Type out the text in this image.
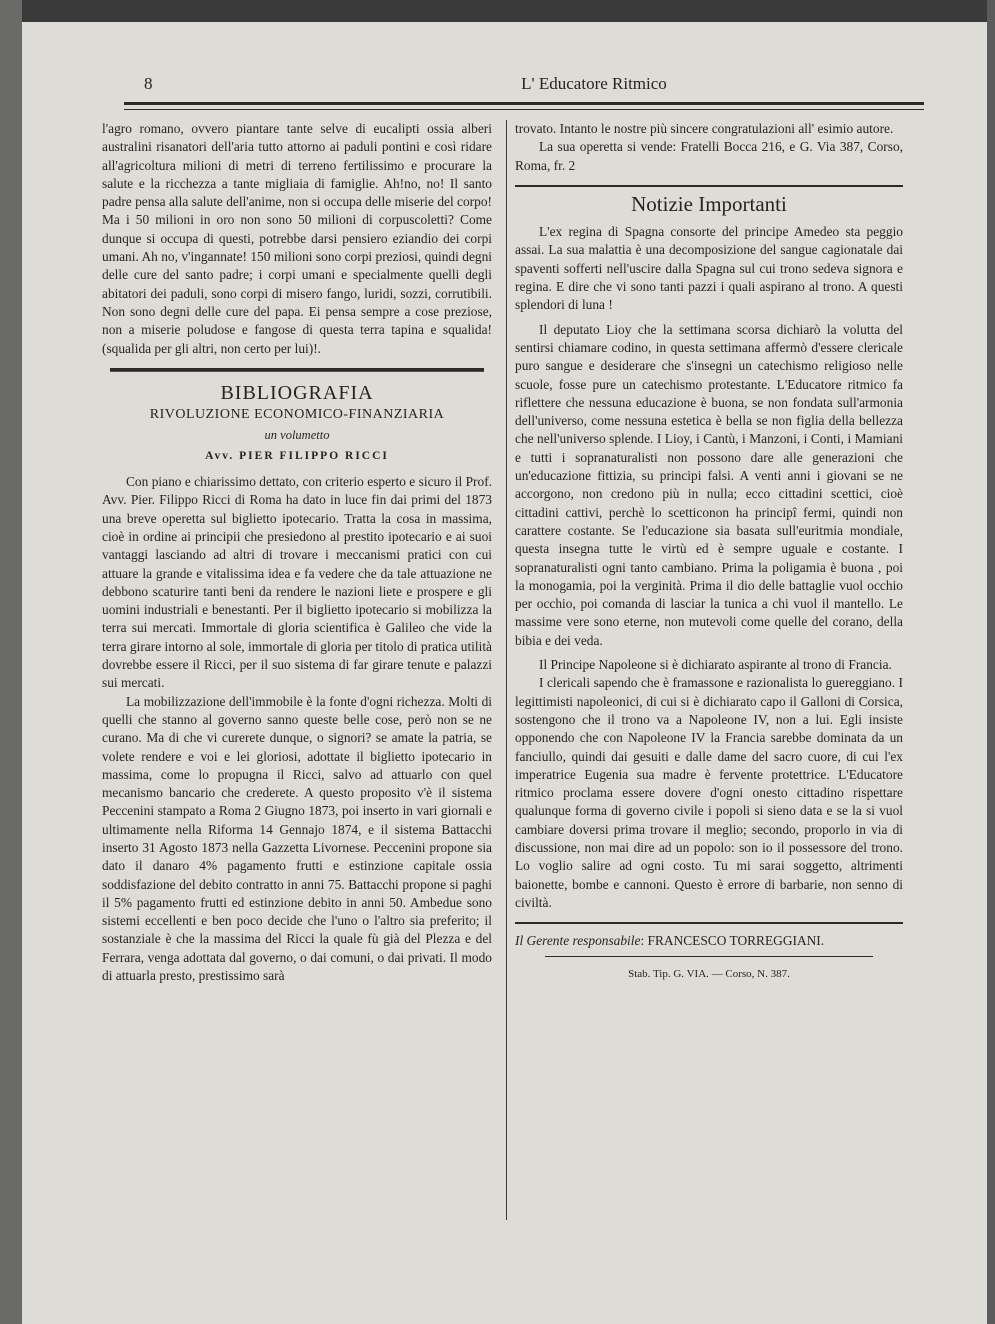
8	L' Educatore Ritmico

l'agro romano, ovvero piantare tante selve di eucalipti ossia alberi australini risanatori dell'aria tutto attorno ai paduli pontini e così ridare all'agricoltura milioni di metri di terreno fertilissimo e procurare la salute e la ricchezza a tante migliaia di famiglie. Ah!no, no! Il santo padre pensa alla salute dell'anime, non si occupa delle miserie del corpo! Ma i 50 milioni in oro non sono 50 milioni di corpuscoletti? Come dunque si occupa di questi, potrebbe darsi pensiero eziandio dei corpi umani. Ah no, v'ingannate! 150 milioni sono corpi preziosi, quindi degni delle cure del santo padre; i corpi umani e specialmente quelli degli abitatori dei paduli, sono corpi di misero fango, luridi, sozzi, corrutibili. Non sono degni delle cure del papa. Ei pensa sempre a cose preziose, non a miserie poludose e fangose di questa terra tapina e squalida! (squalida per gli altri, non certo per lui)!.

BIBLIOGRAFIA
RIVOLUZIONE ECONOMICO-FINANZIARIA
un volumetto
Avv. PIER FILIPPO RICCI

Con piano e chiarissimo dettato, con criterio esperto e sicuro il Prof. Avv. Pier. Filippo Ricci di Roma ha dato in luce fin dai primi del 1873 una breve operetta sul biglietto ipotecario. Tratta la cosa in massima, cioè in ordine ai principii che presiedono al prestito ipotecario e ai suoi vantaggi lasciando ad altri di trovare i meccanismi pratici con cui attuare la grande e vitalissima idea e fa vedere che da tale attuazione ne debbono scaturire tanti beni da rendere le nazioni liete e prospere e gli uomini industriali e benestanti. Per il biglietto ipotecario si mobilizza la terra sui mercati. Immortale di gloria scientifica è Galileo che vide la terra girare intorno al sole, immortale di gloria per titolo di pratica utilità dovrebbe essere il Ricci, per il suo sistema di far girare tenute e palazzi sui mercati.

La mobilizzazione dell'immobile è la fonte d'ogni richezza. Molti di quelli che stanno al governo sanno queste belle cose, però non se ne curano. Ma di che vi curerete dunque, o signori? se amate la patria, se volete rendere e voi e lei gloriosi, adottate il biglietto ipotecario in massima, come lo propugna il Ricci, salvo ad attuarlo con quel mecanismo bancario che crederete. A questo proposito v'è il sistema Peccenini stampato a Roma 2 Giugno 1873, poi inserto in vari giornali e ultimamente nella Riforma 14 Gennajo 1874, e il sistema Battacchi inserto 31 Agosto 1873 nella Gazzetta Livornese. Peccenini propone sia dato il danaro 4% pagamento frutti e estinzione capitale ossia soddisfazione del debito contratto in anni 75. Battacchi propone si paghi il 5% pagamento frutti ed estinzione debito in anni 50. Ambedue sono sistemi eccellenti e ben poco decide che l'uno o l'altro sia preferito; il sostanziale è che la massima del Ricci la quale fù già del Plezza e del Ferrara, venga adottata dal governo, o dai comuni, o dai privati. Il modo di attuarla presto, prestissimo sarà

trovato. Intanto le nostre più sincere congratulazioni all' esimio autore.

La sua operetta si vende: Fratelli Bocca 216, e G. Via 387, Corso, Roma, fr. 2

Notizie Importanti

L'ex regina di Spagna consorte del principe Amedeo sta peggio assai. La sua malattia è una decomposizione del sangue cagionatale dai spaventi sofferti nell'uscire dalla Spagna sul cui trono sedeva signora e regina. E dire che vi sono tanti pazzi i quali aspirano al trono. A questi splendori di luna !

Il deputato Lioy che la settimana scorsa dichiarò la volutta del sentirsi chiamare codino, in questa settimana affermò d'essere clericale puro sangue e desiderare che s'insegni un catechismo religioso nelle scuole, fosse pure un catechismo protestante. L'Educatore ritmico fa riflettere che nessuna educazione è buona, se non fondata sull'armonia dell'universo, come nessuna estetica è bella se non figlia della bellezza che nell'universo splende. I Lioy, i Cantù, i Manzoni, i Conti, i Mamiani e tutti i sopranaturalisti non possono dare alle generazioni che un'educazione fittizia, su principi falsi. A venti anni i giovani se ne accorgono, non credono più in nulla; ecco cittadini scettici, cioè cittadini cattivi, perchè lo scetticonon ha principî fermi, quindi non carattere costante. Se l'educazione sia basata sull'euritmia mondiale, questa insegna tutte le virtù ed è sempre uguale e costante. I sopranaturalisti ogni tanto cambiano. Prima la poligamia è buona , poi la monogamia, poi la verginità. Prima il dio delle battaglie vuol occhio per occhio, poi comanda di lasciar la tunica a chi vuol il mantello. Le massime vere sono eterne, non mutevoli come quelle del corano, della bibia e dei veda.

Il Principe Napoleone si è dichiarato aspirante al trono di Francia.

I clericali sapendo che è framassone e razionalista lo guereggiano. I legittimisti napoleonici, di cui si è dichiarato capo il Galloni di Corsica, sostengono che il trono va a Napoleone IV, non a lui. Egli insiste opponendo che con Napoleone IV la Francia sarebbe dominata da un fanciullo, quindi dai gesuiti e dalle dame del sacro cuore, di cui l'ex imperatrice Eugenia sua madre è fervente protettrice. L'Educatore ritmico proclama essere dovere d'ogni onesto cittadino rispettare qualunque forma di governo civile i popoli si sieno data e se la si vuol cambiare doversi prima trovare il meglio; secondo, proporlo in via di discussione, non mai dire ad un popolo: son io il possessore del trono. Lo voglio salire ad ogni costo. Tu mi sarai soggetto, altrimenti baionette, bombe e cannoni. Questo è errore di barbarie, non senno di civiltà.

Il Gerente responsabile: FRANCESCO TORREGGIANI.
Stab. Tip. G. VIA. — Corso, N. 387.
